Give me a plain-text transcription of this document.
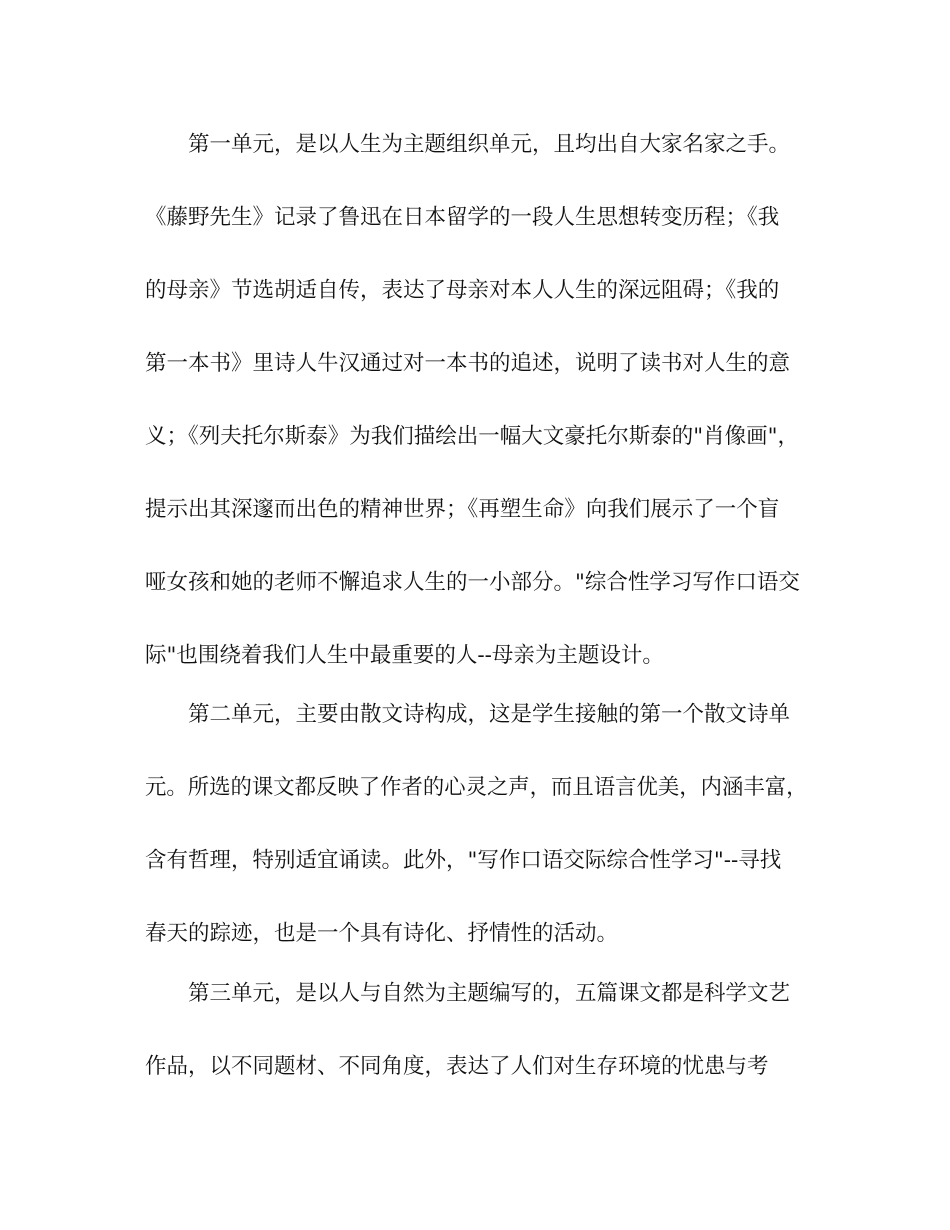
第一单元，是以人生为主题组织单元，且均出自大家名家之手。
《藤野先生》记录了鲁迅在日本留学的一段人生思想转变历程；《我
的母亲》节选胡适自传，表达了母亲对本人人生的深远阻碍；《我的
第一本书》里诗人牛汉通过对一本书的追述，说明了读书对人生的意
义；《列夫托尔斯泰》为我们描绘出一幅大文豪托尔斯泰的"肖像画"，
提示出其深邃而出色的精神世界；《再塑生命》向我们展示了一个盲
哑女孩和她的老师不懈追求人生的一小部分。"综合性学习写作口语交
际"也围绕着我们人生中最重要的人--母亲为主题设计。
第二单元，主要由散文诗构成，这是学生接触的第一个散文诗单
元。所选的课文都反映了作者的心灵之声，而且语言优美，内涵丰富，
含有哲理，特别适宜诵读。此外，"写作口语交际综合性学习"--寻找
春天的踪迹，也是一个具有诗化、抒情性的活动。
第三单元，是以人与自然为主题编写的，五篇课文都是科学文艺
作品，以不同题材、不同角度，表达了人们对生存环境的忧患与考
